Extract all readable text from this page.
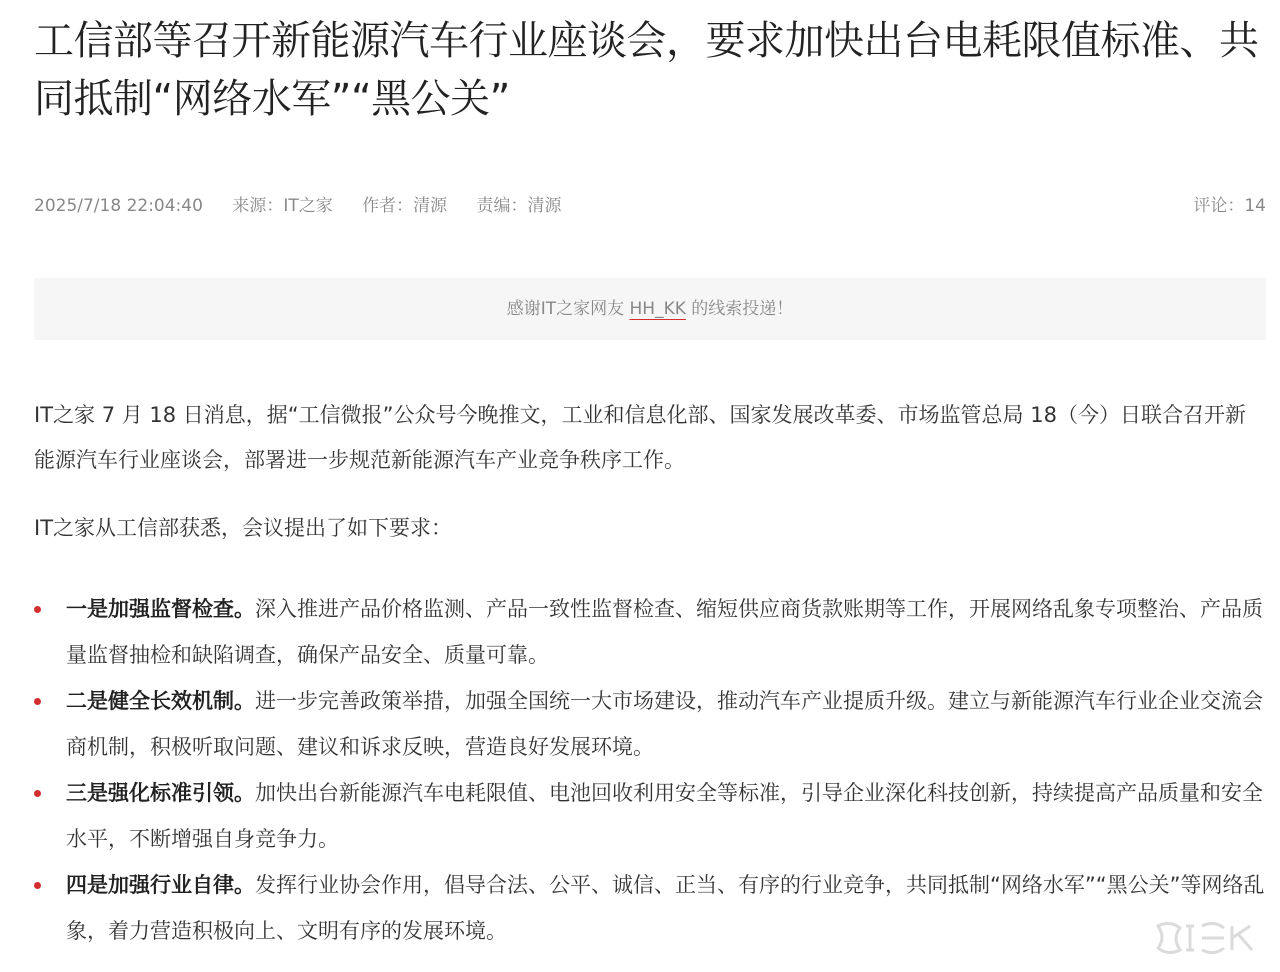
工信部等召开新能源汽车行业座谈会，要求加快出台电耗限值标准、共同抵制“网络水军”“黑公关”
2025/7/18 22:04:40 来源：IT之家 作者：清源 责编：清源	评论：14
感谢IT之家网友 HH_KK 的线索投递！

IT之家 7 月 18 日消息，据“工信微报”公众号今晚推文，工业和信息化部、国家发展改革委、市场监管总局 18（今）日联合召开新能源汽车行业座谈会，部署进一步规范新能源汽车产业竞争秩序工作。

IT之家从工信部获悉，会议提出了如下要求：

一是加强监督检查。深入推进产品价格监测、产品一致性监督检查、缩短供应商货款账期等工作，开展网络乱象专项整治、产品质量监督抽检和缺陷调查，确保产品安全、质量可靠。
二是健全长效机制。进一步完善政策举措，加强全国统一大市场建设，推动汽车产业提质升级。建立与新能源汽车行业企业交流会商机制，积极听取问题、建议和诉求反映，营造良好发展环境。
三是强化标准引领。加快出台新能源汽车电耗限值、电池回收利用安全等标准，引导企业深化科技创新，持续提高产品质量和安全水平，不断增强自身竞争力。
四是加强行业自律。发挥行业协会作用，倡导合法、公平、诚信、正当、有序的行业竞争，共同抵制“网络水军”“黑公关”等网络乱象，着力营造积极向上、文明有序的发展环境。
